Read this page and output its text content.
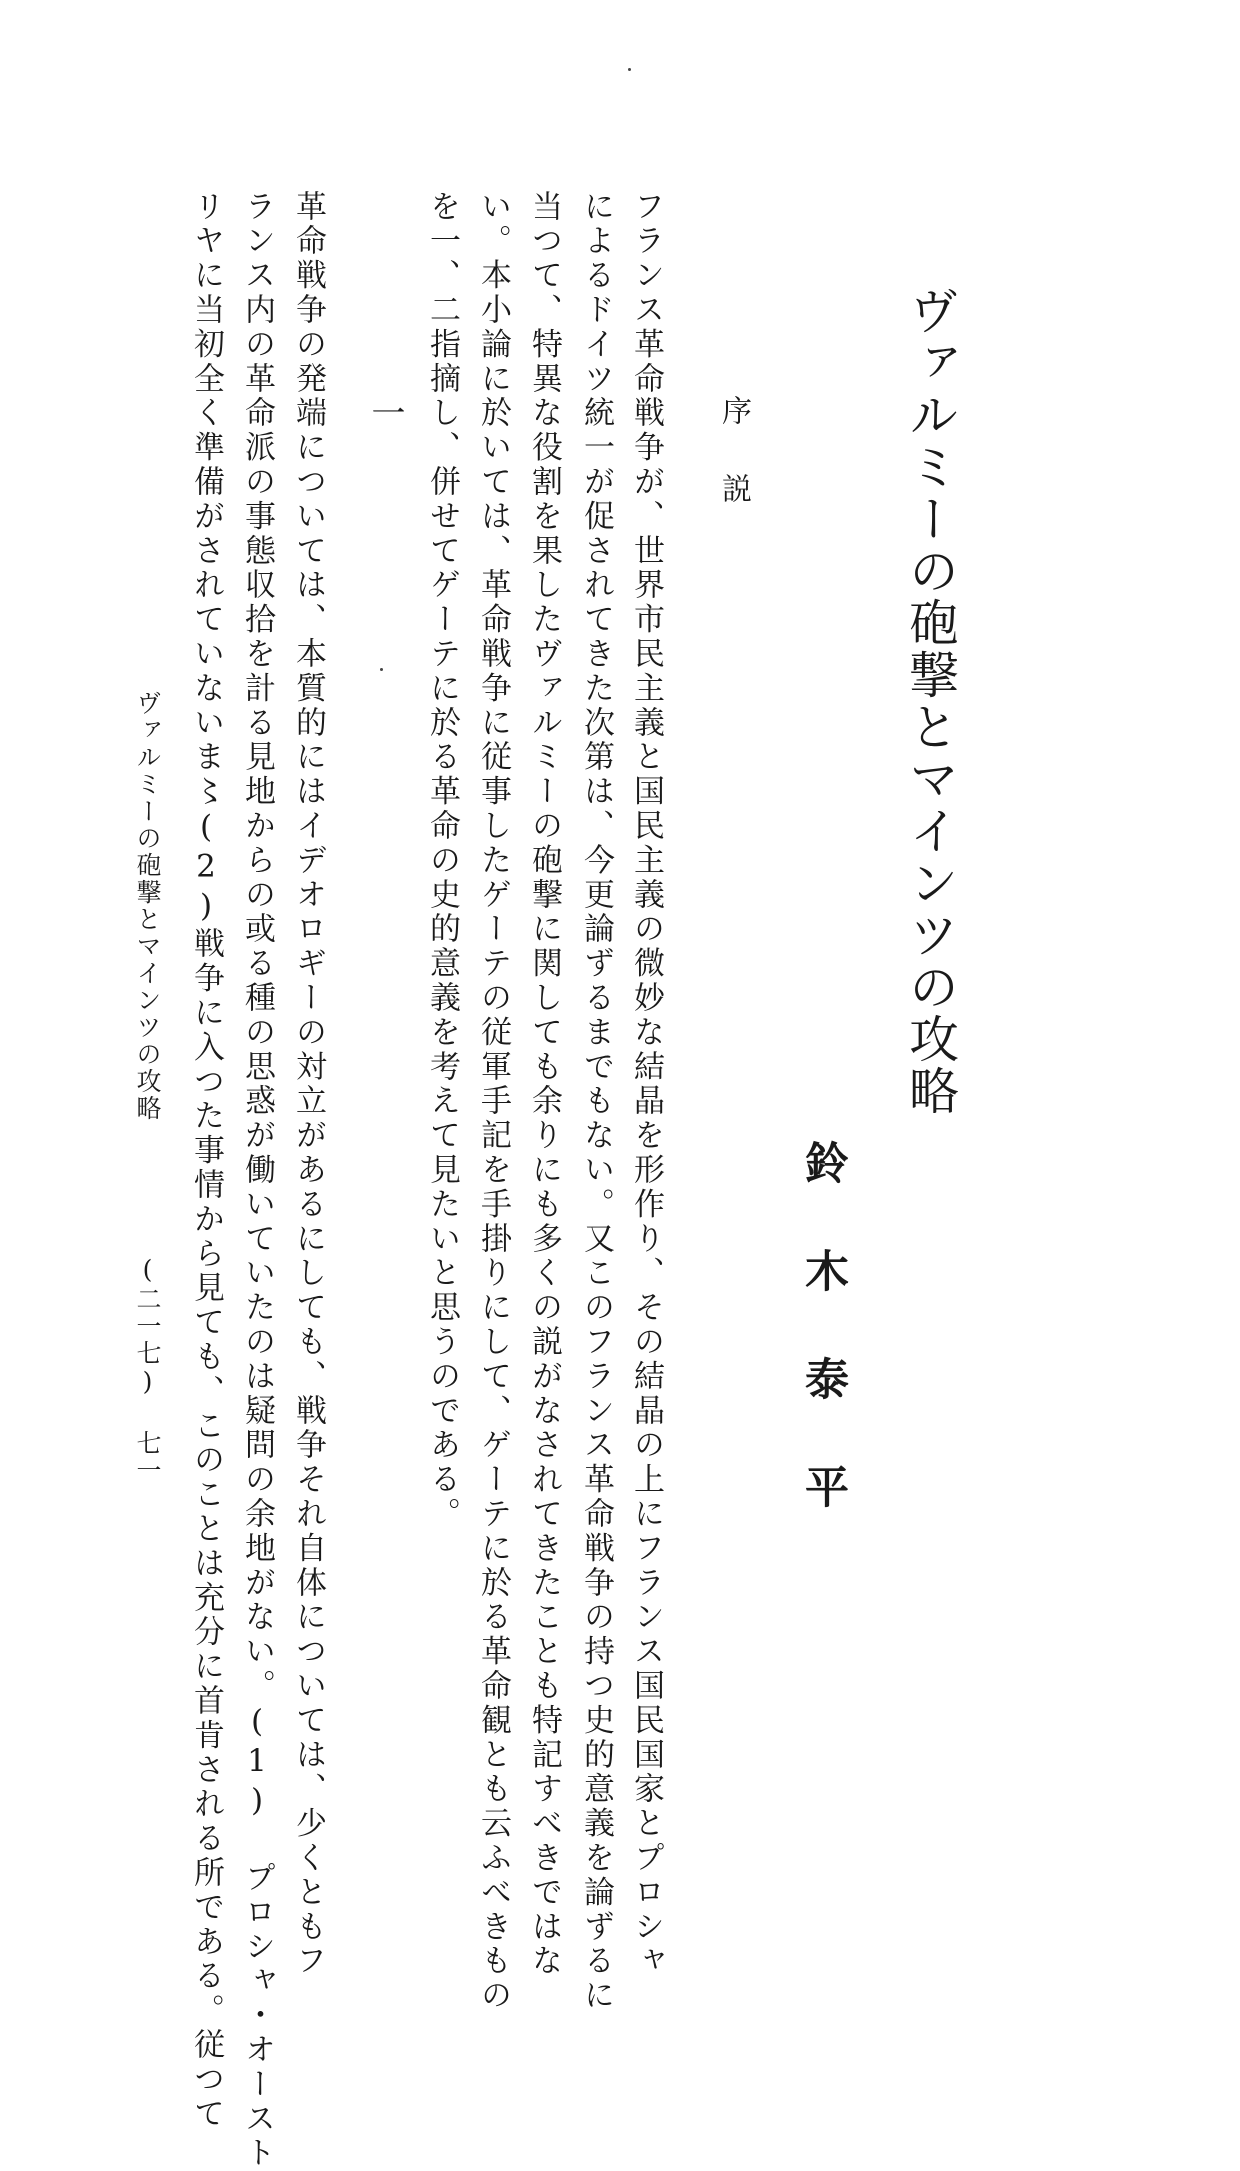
ヴァルミーの砲撃とマインツの攻略
鈴木泰平
序説
フランス革命戦争が、世界市民主義と国民主義の微妙な結晶を形作り、その結晶の上にフランス国民国家とプロシャ
によるドイツ統一が促されてきた次第は、今更論ずるまでもない。又このフランス革命戦争の持つ史的意義を論ずるに
当つて、特異な役割を果したヴァルミーの砲撃に関しても余りにも多くの説がなされてきたことも特記すべきではな
い。本小論に於いては、革命戦争に従事したゲーテの従軍手記を手掛りにして、ゲーテに於る革命観とも云ふべきもの
を一、二指摘し、併せてゲーテに於る革命の史的意義を考えて見たいと思うのである。
一
革命戦争の発端については、本質的にはイデオロギーの対立があるにしても、戦争それ自体については、少くともフ
ランス内の革命派の事態収拾を計る見地からの或る種の思惑が働いていたのは疑問の余地がない。(1) プロシャ・オースト
リヤに当初全く準備がされていないま〻(2)戦争に入つた事情から見ても、このことは充分に首肯される所である。従つて
ヴァルミーの砲撃とマインツの攻略
(二一七)
七一
